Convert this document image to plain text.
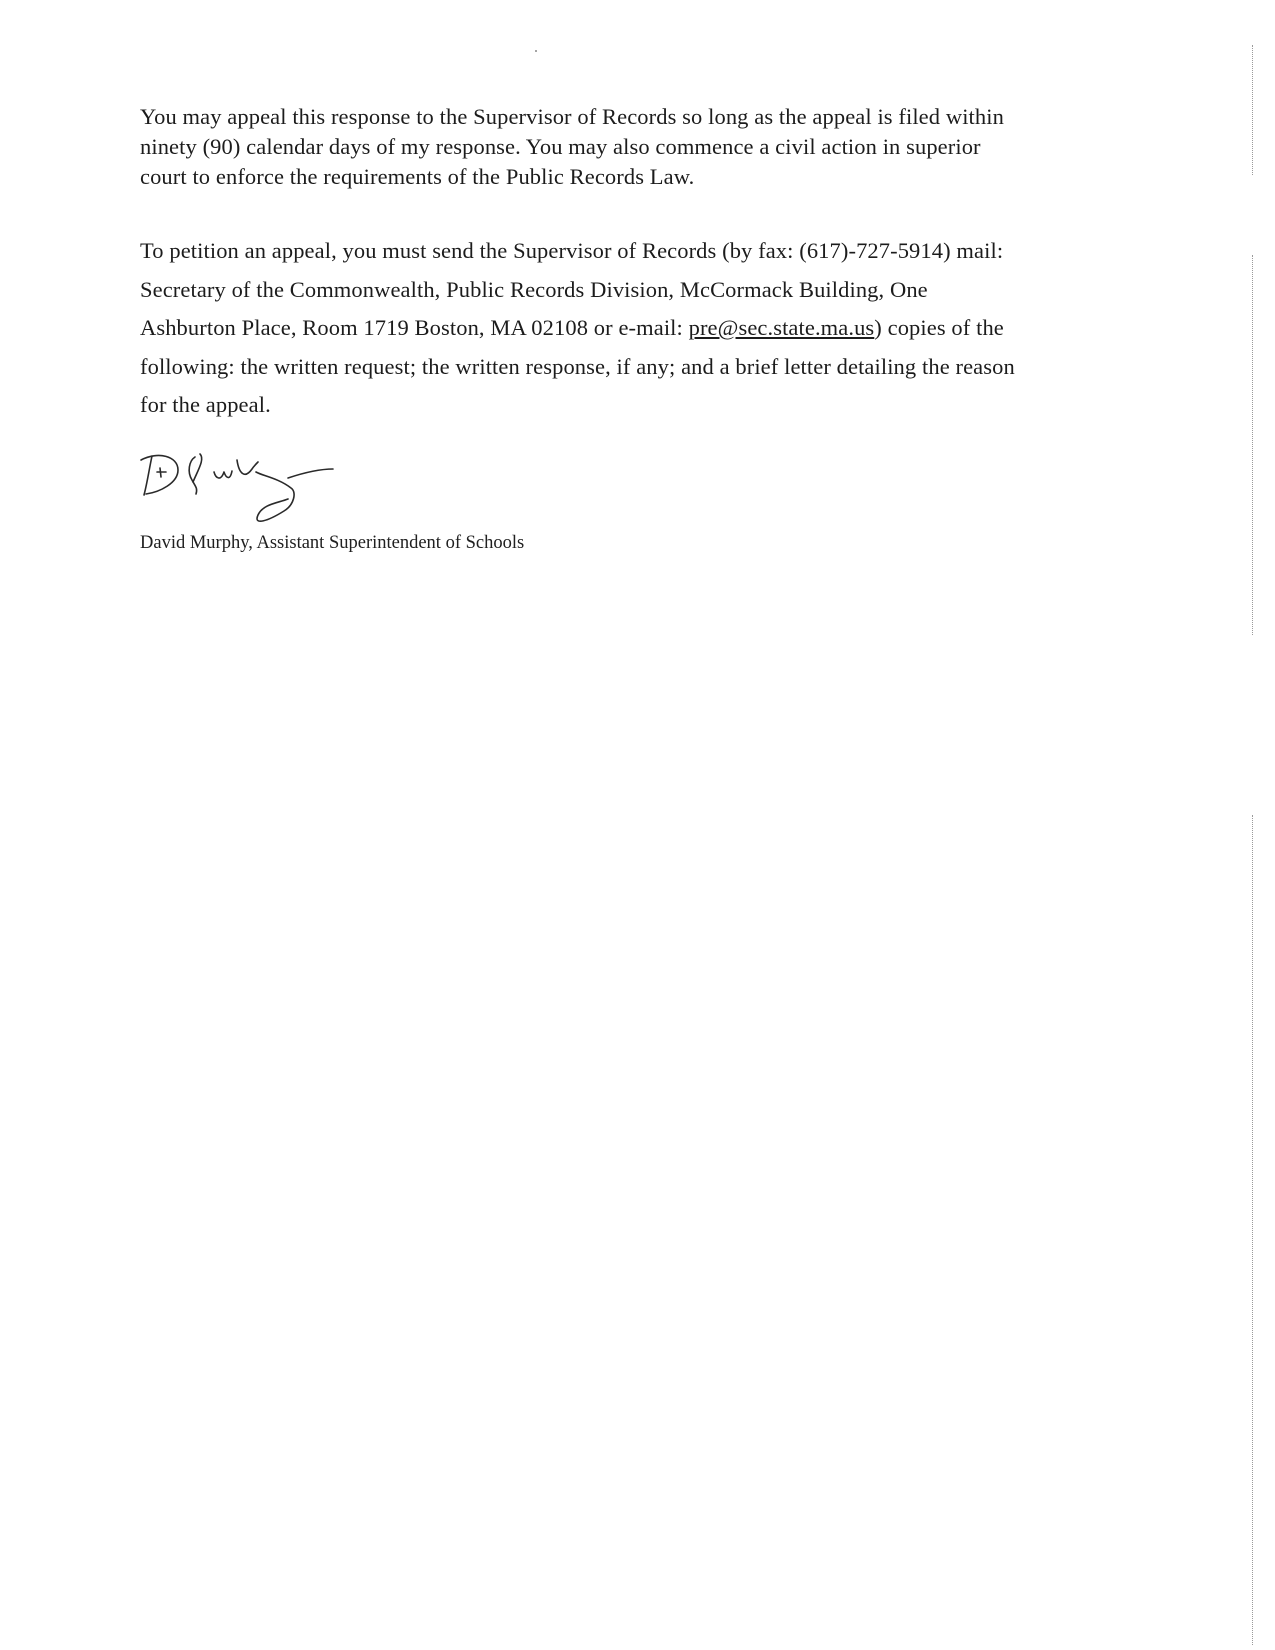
You may appeal this response to the Supervisor of Records so long as the appeal is filed within
ninety (90) calendar days of my response. You may also commence a civil action in superior
court to enforce the requirements of the Public Records Law.
To petition an appeal, you must send the Supervisor of Records (by fax: (617)-727-5914) mail:
Secretary of the Commonwealth, Public Records Division, McCormack Building, One
Ashburton Place, Room 1719 Boston, MA 02108 or e-mail: pre@sec.state.ma.us) copies of the
following: the written request; the written response, if any; and a brief letter detailing the reason
for the appeal.
David Murphy, Assistant Superintendent of Schools
